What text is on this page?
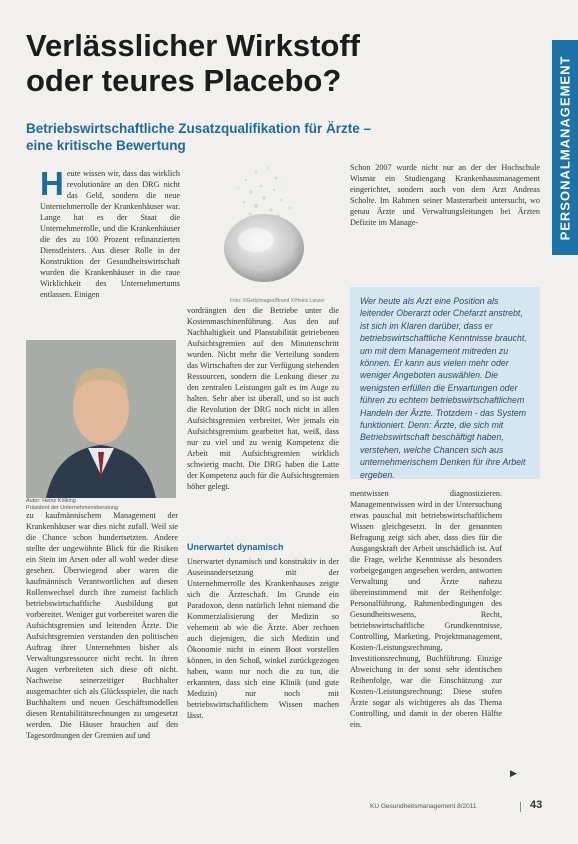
PERSONALMANAGEMENT
Verlässlicher Wirkstoff
oder teures Placebo?
Betriebswirtschaftliche Zusatzqualifikation für Ärzte –
eine kritische Bewertung
H eute wissen wir, dass das wirklich revolutionäre an den DRG nicht das Geld, sondern die neue Unternehmerrolle der Krankenhäuser war. Lange hat es der Staat die Unternehmerrolle, und die Krankenhäuser die des zu 100 Prozent refinanzierten Dienstleisters. Aus dieser Rolle in der Konstruktion der Gesundheitswirtschaft wurden die Krankenhäuser in die raue Wirklichkeit des Unternehmertums entlassen. Einigen
Foto: ©Gettyimages/Brand X/Heinz Lanzer
Autor: Heinz Kölking
Präsident der Unternehmensberatung
zu kaufmännischem Management der Krankenhäuser war dies nicht zufall. Weil sie die Chance schon hundertsetzten. Andere stellte der ungewöhnte Blick für die Risiken ein Stein im Arsen oder all wohl weder diese gesehen. Überwiegend aber waren die kaufmännisch Verantwortlichen auf diesen Rollenwechsel durch ihre zumeist fachlich betriebswirtschaftliche Ausbildung gut vorbereitet. Weniger gut vorbereitet waren die Aufsichtsgremien und leitenden Ärzte. Die Aufsichtsgremien verstanden den politischen Auftrag ihrer Unternehmen bisher als Verwaltungsressource nicht recht. In ihren Augen verbreiteten sich diese oft nicht. Nachweise seinerzeitiger Buchhalter ausgemachter sich als Glücksspieler, die nach Buchhaltern und neuen Geschäftsmodellen diesen Rentabilitätsrechnungen zu umgesetzt werden. Die Häuser brauchen auf den Tagesordnungen der Gremien auf und
vordrängten den die Betriebe unter die Kostenmaschinenführung. Aus den auf Nachhaltigkeit und Planstabilität getriebenen Aufsichtsgremien auf den Minutenschritt wurden. Nicht mehr die Verteilung sondern das Wirtschaften der zur Verfügung stehenden Ressourcen, sondern die Lenkung dieser zu den zentralen Leistungen galt es im Auge zu halten. Sehr aber ist überall, und so ist auch die Revolution der DRG noch nicht in allen Aufsichtsgremien verbreitet. Wer jemals ein Aufsichtsgremium gearbeitet hat, weiß, dass nur zu viel und zu wenig Kompetenz die Arbeit mit Aufsichtsgremien wirklich schwierig macht. Die DRG haben die Latte der Kompetenz auch für die Aufsichtsgremien höher gelegt.
Unerwartet dynamisch
Unerwartet dynamisch und konstruktiv in der Auseinandersetzung mit der Unternehmerrolle des Krankenhauses zeigte sich die Ärzteschaft. Im Grunde ein Paradoxon, denn natürlich lehnt niemand die Kommerzialisierung der Medizin so vehement ab wie die Ärzte. Aber rechnen auch diejenigen, die sich Medizin und Ökonomie nicht in einem Boot vorstellen können, in den Schoß, winkel zurückgezogen haben, wann nur noch die zu tun, die erkannten, dass sich eine Klinik (und gute Medizin) nur noch mit betriebswirtschaftlichem Wissen machen lässt.
Schon 2007 wurde nicht nur an der der Hochschule Wismar ein Studiengang Krankenhausmanagement eingerichtet, sondern auch von dem Arzt Andreas Scholte. Im Rahmen seiner Masterarbeit untersucht, wo genau Ärzte und Verwaltungsleitungen bei Ärzten Defizite im Manage-
Wer heute als Arzt eine Position als leitender Oberarzt oder Chefarzt anstrebt, ist sich im Klaren darüber, dass er betriebswirtschaftliche Kenntnisse braucht, um mit dem Management mitreden zu können. Er kann aus vielen mehr oder weniger Angeboten auswählen. Die wenigsten erfüllen die Erwartungen oder führen zu echtem betriebswirtschaftlichem Handeln der Ärzte. Trotzdem - das System funktioniert. Denn: Ärzte, die sich mit Betriebswirtschaft beschäftigt haben, verstehen, welche Chancen sich aus unternehmerischem Denken für ihre Arbeit ergeben.
mentwissen diagnostizieren. Managementwissen wird in der Untersuchung etwas pauschal mit betriebswirtschaftlichem Wissen gleichgesetzt. In der genannten Befragung zeigt sich aber, dass dies für die Ausgangskraft der Arbeit unschädlich ist. Auf die Frage, welche Kenntnisse als besonders vorbeigegangen angesehen werden, antworten Verwaltung und Ärzte nahezu übereinstimmend mit der Reihenfolge: Personalführung, Rahmenbedingungen des Gesundheitswesens, Recht, betriebswirtschaftliche Grundkenntnisse, Controlling, Marketing, Projektmanagement, Kosten-/Leistungsrechnung, Investitionsrechnung, Buchführung. Einzige Abweichung in der sonst sehr identischen Reihenfolge, war die Einschätzung zur Kosten-/Leistungsrechnung: Diese stufen Ärzte sogar als wichtigeres als das Thema Controlling, und damit in der oberen Hälfte ein.
▶
KU Gesundheitsmanagement 8/2011	43
